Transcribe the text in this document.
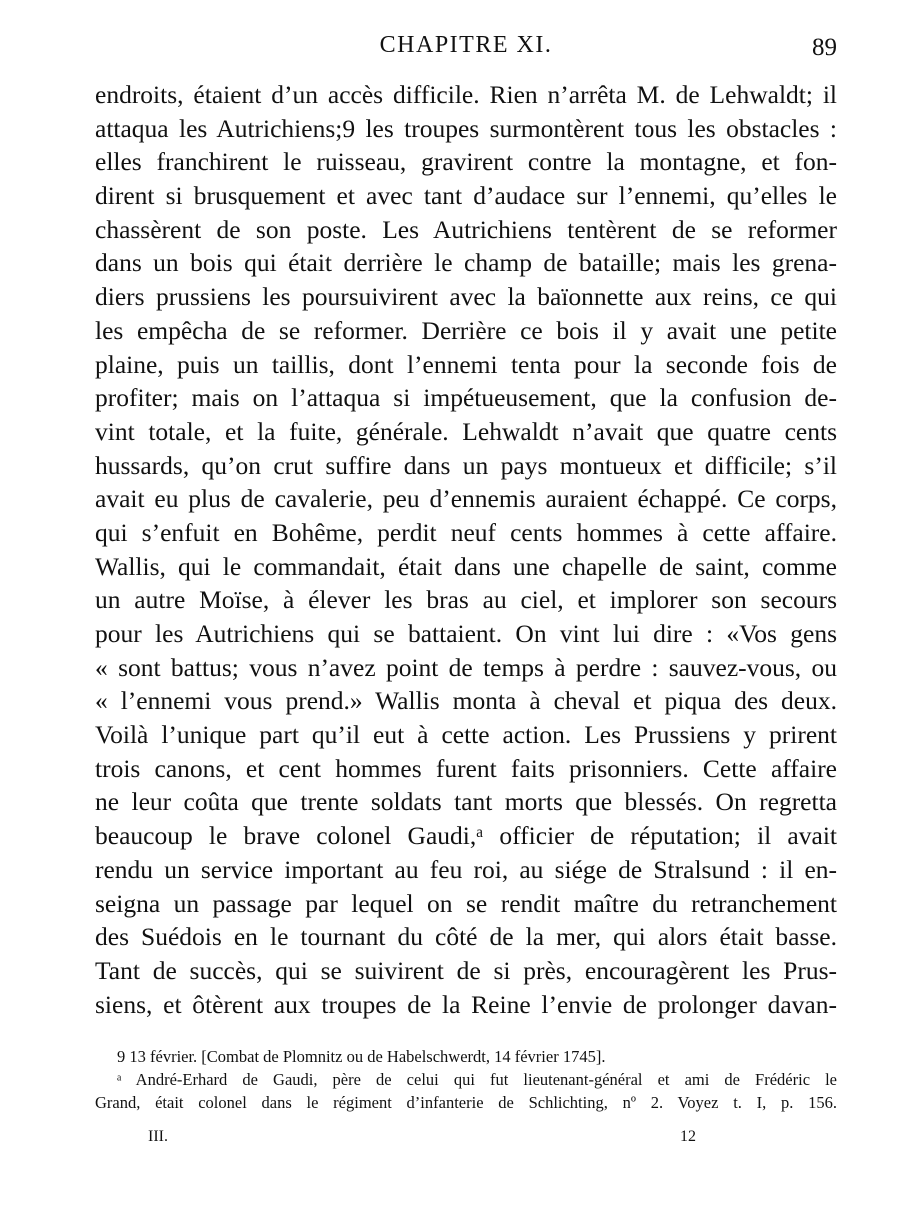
CHAPITRE XI.	89
endroits, étaient d’un accès difficile. Rien n’arrêta M. de Lehwaldt; il
attaqua les Autrichiens;9 les troupes surmontèrent tous les obstacles :
elles franchirent le ruisseau, gravirent contre la montagne, et fon-
dirent si brusquement et avec tant d’audace sur l’ennemi, qu’elles le
chassèrent de son poste. Les Autrichiens tentèrent de se reformer
dans un bois qui était derrière le champ de bataille; mais les grena-
diers prussiens les poursuivirent avec la baïonnette aux reins, ce qui
les empêcha de se reformer. Derrière ce bois il y avait une petite
plaine, puis un taillis, dont l’ennemi tenta pour la seconde fois de
profiter; mais on l’attaqua si impétueusement, que la confusion de-
vint totale, et la fuite, générale. Lehwaldt n’avait que quatre cents
hussards, qu’on crut suffire dans un pays montueux et difficile; s’il
avait eu plus de cavalerie, peu d’ennemis auraient échappé. Ce corps,
qui s’enfuit en Bohême, perdit neuf cents hommes à cette affaire.
Wallis, qui le commandait, était dans une chapelle de saint, comme
un autre Moïse, à élever les bras au ciel, et implorer son secours
pour les Autrichiens qui se battaient. On vint lui dire : «Vos gens
« sont battus; vous n’avez point de temps à perdre : sauvez-vous, ou
« l’ennemi vous prend.» Wallis monta à cheval et piqua des deux.
Voilà l’unique part qu’il eut à cette action. Les Prussiens y prirent
trois canons, et cent hommes furent faits prisonniers. Cette affaire
ne leur coûta que trente soldats tant morts que blessés. On regretta
beaucoup le brave colonel Gaudi,ᵃ officier de réputation; il avait
rendu un service important au feu roi, au siége de Stralsund : il en-
seigna un passage par lequel on se rendit maître du retranchement
des Suédois en le tournant du côté de la mer, qui alors était basse.
Tant de succès, qui se suivirent de si près, encouragèrent les Prus-
siens, et ôtèrent aux troupes de la Reine l’envie de prolonger davan-
9 13 février. [Combat de Plomnitz ou de Habelschwerdt, 14 février 1745].
ᵃ André-Erhard de Gaudi, père de celui qui fut lieutenant-général et ami de Frédéric le
Grand, était colonel dans le régiment d’infanterie de Schlichting, nº 2. Voyez t. I, p. 156.
III.	12
